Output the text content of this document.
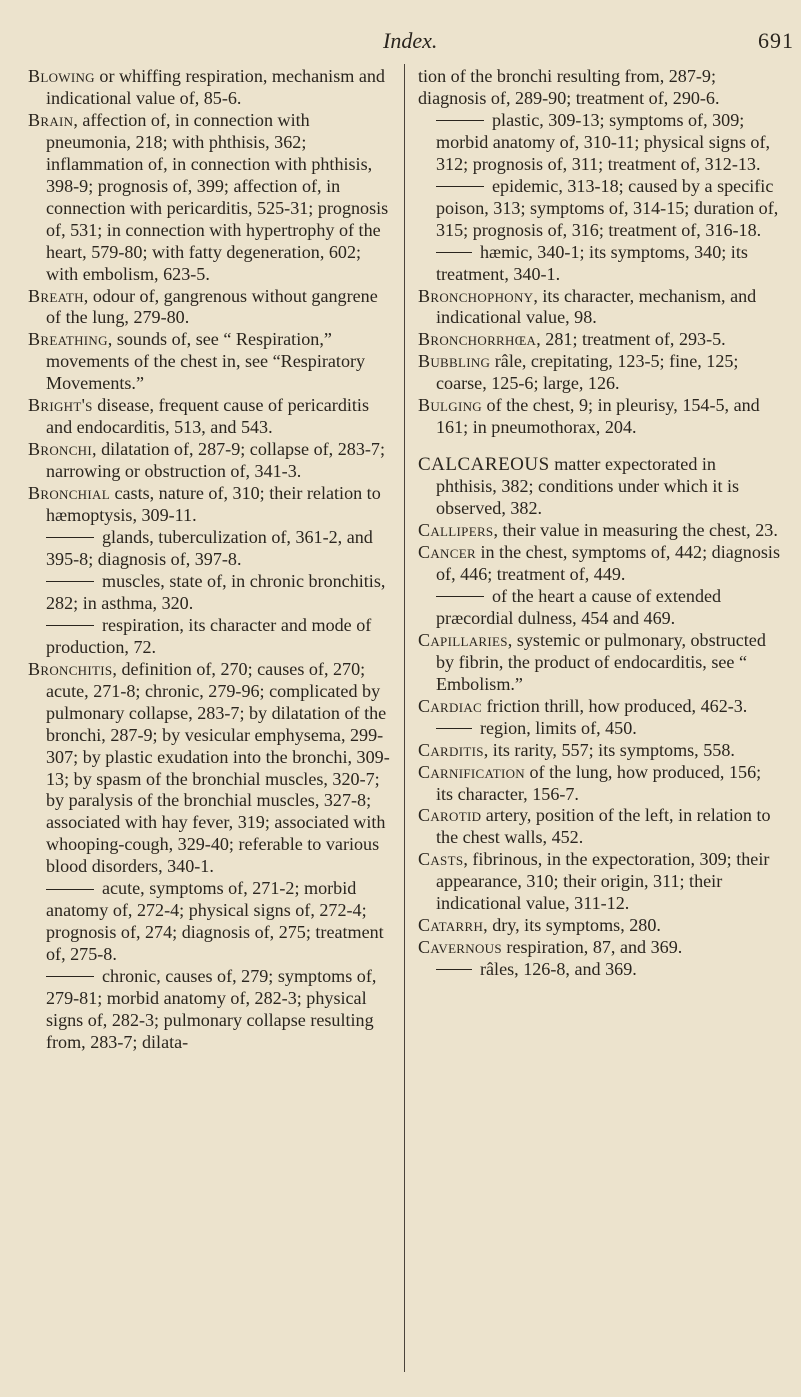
Index.	691

Blowing or whiffing respiration, mechanism and indicational value of, 85-6.

Brain, affection of, in connection with pneumonia, 218; with phthisis, 362; inflammation of, in connection with phthisis, 398-9; prognosis of, 399; affection of, in connection with pericarditis, 525-31; prognosis of, 531; in connection with hypertrophy of the heart, 579-80; with fatty degeneration, 602; with embolism, 623-5.

Breath, odour of, gangrenous without gangrene of the lung, 279-80.

Breathing, sounds of, see “ Respiration,” movements of the chest in, see “Respiratory Movements.”

Bright's disease, frequent cause of pericarditis and endocarditis, 513, and 543.

Bronchi, dilatation of, 287-9; collapse of, 283-7; narrowing or obstruction of, 341-3.

Bronchial casts, nature of, 310; their relation to hæmoptysis, 309-11.

glands, tuberculization of, 361-2, and 395-8; diagnosis of, 397-8.

muscles, state of, in chronic bronchitis, 282; in asthma, 320.

respiration, its character and mode of production, 72.

Bronchitis, definition of, 270; causes of, 270; acute, 271-8; chronic, 279-96; complicated by pulmonary collapse, 283-7; by dilatation of the bronchi, 287-9; by vesicular emphysema, 299-307; by plastic exudation into the bronchi, 309-13; by spasm of the bronchial muscles, 320-7; by paralysis of the bronchial muscles, 327-8; associated with hay fever, 319; associated with whooping-cough, 329-40; referable to various blood disorders, 340-1.

acute, symptoms of, 271-2; morbid anatomy of, 272-4; physical signs of, 272-4; prognosis of, 274; diagnosis of, 275; treatment of, 275-8.

chronic, causes of, 279; symptoms of, 279-81; morbid anatomy of, 282-3; physical signs of, 282-3; pulmonary collapse resulting from, 283-7; dilata-

tion of the bronchi resulting from, 287-9; diagnosis of, 289-90; treatment of, 290-6.

plastic, 309-13; symptoms of, 309; morbid anatomy of, 310-11; physical signs of, 312; prognosis of, 311; treatment of, 312-13.

epidemic, 313-18; caused by a specific poison, 313; symptoms of, 314-15; duration of, 315; prognosis of, 316; treatment of, 316-18.

hæmic, 340-1; its symptoms, 340; its treatment, 340-1.

Bronchophony, its character, mechanism, and indicational value, 98.

Bronchorrhœa, 281; treatment of, 293-5.

Bubbling râle, crepitating, 123-5; fine, 125; coarse, 125-6; large, 126.

Bulging of the chest, 9; in pleurisy, 154-5, and 161; in pneumothorax, 204.

CALCAREOUS matter expectorated in phthisis, 382; conditions under which it is observed, 382.

Callipers, their value in measuring the chest, 23.

Cancer in the chest, symptoms of, 442; diagnosis of, 446; treatment of, 449.

of the heart a cause of extended præcordial dulness, 454 and 469.

Capillaries, systemic or pulmonary, obstructed by fibrin, the product of endocarditis, see “ Embolism.”

Cardiac friction thrill, how produced, 462-3.

region, limits of, 450.

Carditis, its rarity, 557; its symptoms, 558.

Carnification of the lung, how produced, 156; its character, 156-7.

Carotid artery, position of the left, in relation to the chest walls, 452.

Casts, fibrinous, in the expectoration, 309; their appearance, 310; their origin, 311; their indicational value, 311-12.

Catarrh, dry, its symptoms, 280.

Cavernous respiration, 87, and 369.

râles, 126-8, and 369.
